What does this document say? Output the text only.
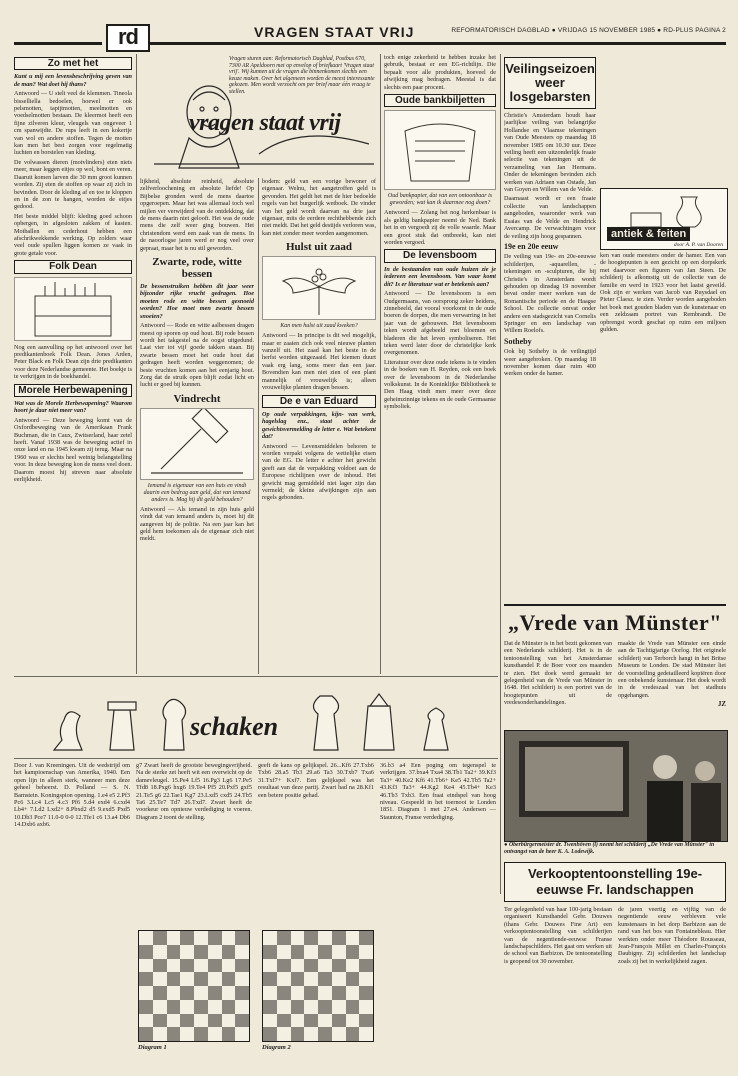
rd	VRAGEN STAAT VRIJ	REFORMATORISCH DAGBLAD ● VRIJDAG 15 NOVEMBER 1985 ● RD-PLUS PAGINA 2
Vragen sturen aan: Reformatorisch Dagblad, Postbus 670, 7300 AR Apeldoorn met op envelop of briefkaart 'Vragen staat vrij'. Wij kunnen uit de vragen die binnenkomen slechts een keuze maken. Over het algemeen worden de meest interessante gekozen. Men wordt verzocht om per brief maar één vraag te stellen.
vragen staat vrij
Zo met het

Kunt u mij een levensbeschrijving geven van de man? Wat doet hij thans?

Antwoord — U stelt veel de klemmen. Tineola bisselliella bedoelen, hoewel er ook pelsmotten, tapijtmotten, meelmotten en voedselmotten bestaan. De kleermot heeft een fijne zilveren kleur, vleugels van ongeveer 1 cm spanwijdte. De rups leeft in een kokertje van wol en andere stoffen. Tegen de motten kan men het best zorgen voor regelmatig luchten en borstelen van kleding.

De volwassen dieren (motvlinders) eten niets meer, maar leggen eitjes op wol, bont en veren. Daaruit komen larven die 30 mm groot kunnen worden. Zij eten de stoffen op waar zij zich in bevinden. Door de kleding af en toe te kloppen en in de zon te hangen, worden de eitjes gedood.

Het beste middel blijft: kleding goed schoon opbergen, in afgesloten zakken of kasten. Motballen en cederhout hebben een afschrikwekkende werking. Op zolders waar veel oude spullen liggen komen ze vaak in grote getale voor.

Folk Dean

Nog een aanvulling op het antwoord over het predikantenboek Folk Dean. Jones Arden, Peter Black en Folk Dean zijn drie predikanten voor deze Nederlandse gemeente. Het boekje is te verkrijgen in de boekhandel.

Morele Herbewapening

Wat was de Morele Herbewapening? Waarom hoort je daar niet meer van?

Antwoord — Deze beweging komt van de Oxfordbeweging van de Amerikaan Frank Buchman, die in Caux, Zwitserland, haar zetel heeft. Vanaf 1938 was de beweging actief in onze land en na 1945 kwam zij terug. Maar na 1960 was er slechts heel weinig belangstelling voor. In deze beweging kon de mens veel doen. Daarom moest hij streven naar absolute eerlijkheid.

lijkheid, absolute reinheid, absolute zelfverloochening en absolute liefde! Op Bijbelse gronden werd de mens daartoe opgeroepen. Maar het was allemaal toch wel mijlen ver verwijderd van de ontdekking, dat de mens daarin niet gelooft. Het was de oude mens die zelf weer ging bouwen. Het christendom werd een zaak van de mens. In de naoorlogse jaren werd er nog veel over gepraat, maar het is nu stil geworden.

Zwarte, rode, witte bessen

De bessenstruiken hebben dit jaar weer bijzonder rijke vrucht gedragen. Hoe moeten rode en witte bessen gesnoeid worden? Hoe moet men zwarte bessen snoeien?

Antwoord — Rode en witte aalbessen dragen meest op sporen op oud hout. Bij rode bessen wordt het takgestel na de oogst uitgedund. Laat vier tot vijf goede takken staan. Bij zwarte bessen moet het oude hout dat gedragen heeft worden weggenomen; de beste vruchten komen aan het eenjarig hout. Zorg dat de struik open blijft zodat licht en lucht er goed bij kunnen.

Vindrecht

Iemand is eigenaar van een huis en vindt daarin een bedrag aan geld, dat van iemand anders is. Mag hij dit geld behouden?

Antwoord — Als iemand in zijn huis geld vindt dat van iemand anders is, moet hij dit aangeven bij de politie. Na een jaar kan het geld hem toekomen als de eigenaar zich niet meldt.

bodem: geld van een vorige bewoner of eigenaar. Welnu, het aangetroffen geld is gevonden. Het geldt het met de hier bedoelde regels van het burgerlijk wetboek. De vinder van het geld wordt daarvan na drie jaar eigenaar, mits de eerdere rechthebbende zich niet meldt. Dat het geld destijds verloren was, kan niet zonder meer worden aangenomen.

Hulst uit zaad

Kan men hulst uit zaad kweken?

Antwoord — In principe is dit wel mogelijk, maar er zaaien zich ook veel nieuwe planten vanzelf uit. Het zaad kan het beste in de herfst worden uitgezaaid. Het kiemen duurt vaak erg lang, soms meer dan een jaar. Bovendien kan men niet zien of een plant mannelijk of vrouwelijk is; alleen vrouwelijke planten dragen bessen.

De e van Eduard

Op oude verpakkingen, kijn- van werk, hagelslag enz., staat achter de gewichtsvermelding de letter e. Wat betekent dat?

Antwoord — Levensmiddelen behoren te worden verpakt volgens de wettelijke eisen van de EG. De letter e achter het gewicht geeft aan dat de verpakking voldoet aan de Europese richtlijnen over de inhoud. Het gewicht mag gemiddeld niet lager zijn dan vermeld; de kleine afwijkingen zijn aan regels gebonden.

toch enige zekerheid te hebben inzake het gebruik, bestaat er een EG-richtlijn. Die bepaalt voor alle produkten, hoeveel de afwijking mag bedragen. Meestal is dat slechts een paar procent.

Oude bankbiljetten

Oud bankpapier, dat van een ontoonbaar is geworden; wat kan ik daarmee nog doen?

Antwoord — Zolang het nog herkenbaar is als geldig bankpapier neemt de Ned. Bank het in en vergoedt zij de volle waarde. Maar een groot stuk dat ontbreekt, kan niet worden vergoed.

De levensboom

In de bestaanden van oude huizen zie je iedereen een levensboom. Van waar komt dit? Is er literatuur wat er betekenis aan?

Antwoord — De levensboom is een Oudgermaans, van oorsprong zeker heidens, zinnebeeld, dat vooral voorkomt in de oude boeren de dorpen, die men verwarring in het jaar van de gebouwen. Het levensboom teken wordt afgebeeld met bloemen en bladeren die het leven symboliseren. Het teken werd later door de christelijke kerk overgenomen.

Literatuur over deze oude tekens is te vinden in de boeken van H. Reyden, ook een boek over de levensboom in de Nederlandse volkskunst. In de Koninklijke Bibliotheek te Den Haag vindt men meer over deze geheimzinnige tekens en de oude Germaanse symboliek.

Veilingseizoen weer losgebarsten

Christie's Amsterdam houdt haar jaarlijkse veiling van belangrijke Hollandse en Vlaamse tekeningen van Oude Meesters op maandag 18 november 1985 om 10.30 uur. Deze veiling heeft een uitzonderlijk fraaie selectie van tekeningen uit de verzameling van Jan Hermans. Onder de tekeningen bevinden zich werken van Adriaen van Ostade, Jan van Goyen en Willem van de Velde.

Daarnaast wordt er een fraaie collectie van landschappen aangeboden, waaronder werk van Esaias van de Velde en Hendrick Avercamp. De verwachtingen voor de veiling zijn hoog gespannen.

19e en 20e eeuw

De veiling van 19e- en 20e-eeuwse schilderijen, -aquarellen, -tekeningen en -sculpturen, die bij Christie's in Amsterdam wordt gehouden op dinsdag 19 november bevat onder meer werken van de Romantische periode en de Haagse School. De collectie omvat onder andere een stadsgezicht van Cornelis Springer en een landschap van Willem Roelofs.

Sotheby

Ook bij Sotheby is de veilingtijd weer aangebroken. Op maandag 18 november komen daar ruim 400 werken onder de hamer.

antiek & feiten
door A. P. van Dooren

ken van oude meesters onder de hamer. Een van de hoogtepunten is een gezicht op een dorpskerk met daarvoor een figuren van Jan Steen. De schilderij is afkomstig uit de collectie van de familie en werd in 1923 voor het laatst geveild. Ook zijn er werken van Jacob van Ruysdael en Pieter Claesz. te zien. Verder worden aangeboden het boek met gouden bladen van de kunstenaar en een zeldzaam portret van Rembrandt. De opbrengst wordt geschat op ruim een miljoen gulden.

„Vrede van Münster"

Dat de Münster is in het bezit gekomen van een Nederlands schilderij. Het is in de tentoonstelling van het Amsterdamse kunsthandel P. de Boer voor zes maanden te zien. Het doek werd gemaakt ter gelegenheid van de Vrede van Münster in 1648. Het schilderij is een portret van de hoogtepunten uit de vredesonderhandelingen.

maakte de Vrede van Münster een einde aan de Tachtigjarige Oorlog. Het originele schilderij van Terborch hangt in het Britse Museum te Londen. De stad Münster liet de voorstelling gedetailleerd kopiëren door een onbekende kunstenaar. Het doek wordt in de vredeszaal van het stadhuis opgehangen.

JZ
● Oberbürgermeister dr. Twenhöven (l) neemt het schilderij „De Vrede van Münster" in ontvangst van de heer K. A. Lodewijk.
Verkooptentoonstelling 19e-eeuwse Fr. landschappen

Ter gelegenheid van haar 100-jarig bestaan organiseert Kunsthandel Gebr. Douwes (thans Gebr. Douwes Fine Art) een verkooptentoonstelling van schilderijen van de negentiende-eeuwse Franse landschapschilders. Het gaat om werken uit de school van Barbizon. De tentoonstelling is geopend tot 30 november.

de jaren veertig en vijftig van de negentiende eeuw verbleven vele kunstenaars in het dorp Barbizon aan de rand van het bos van Fontainebleau. Hier werkten onder meer Théodore Rousseau, Jean-François Millet en Charles-François Daubigny. Zij schilderden het landschap zoals zij het in werkelijkheid zagen.

schaken

Door J. van Kreeningen. Uit de wedstrijd om het kampioenschap van Amerika, 1940. Een open lijn in alleen sterk, wanneer men deze geheel beheerst. D. Polland — S. N. Barnstein. Koningspion opening. 1.e4 e5 2.Pf3 Pc6 3.Lc4 Lc5 4.c3 Pf6 5.d4 exd4 6.cxd4 Lb4+ 7.Ld2 Lxd2+ 8.Pbxd2 d5 9.exd5 Pxd5 10.Db3 Pce7 11.0-0 0-0 12.Tfe1 c6 13.a4 Db6 14.Dxb6 axb6.

g7 Zwart heeft de grootste bewegingsvrijheid. Na de sterke zet heeft wit een overwicht op de damevleugel. 15.Pe4 Lf5 16.Pg3 Lg6 17.Pe5 Tfd8 18.Pxg6 hxg6 19.Te4 Pf5 20.Pxf5 gxf5 21.Te5 g6 22.Tae1 Kg7 23.Lxd5 cxd5 24.Tb5 Ta6 25.Te7 Td7 26.Txd7. Zwart heeft de voorkeur om opnieuw verdediging te voeren. Diagram 2 toont de stelling.

geeft de kans op gelijkspel. 26...Kf6 27.Txb6 Txb6 28.a5 Tb3 29.a6 Ta3 30.Txb7 Txa6 31.Txf7+ Kxf7. Een gelijkspel was het resultaat van deze partij. Zwart had na 28.Kf1 een betere positie gehad.

36.b3 a4 Een poging om tegenspel te verkrijgen. 37.bxa4 Txa4 38.Tb1 Ta2+ 39.Kf3 Ta3+ 40.Ke2 Kf6 41.Tb6+ Ke5 42.Tb5 Ta2+ 43.Kf3 Ta3+ 44.Kg2 Ke4 45.Tb4+ Ke3 46.Tb3 Txb3. Een fraai eindspel van hoog niveau. Gespeeld in het toernooi te Londen 1851. Diagram 1 met 27.e4. Andersen — Staunton, Franse verdediging.

Diagram 1	Diagram 2
